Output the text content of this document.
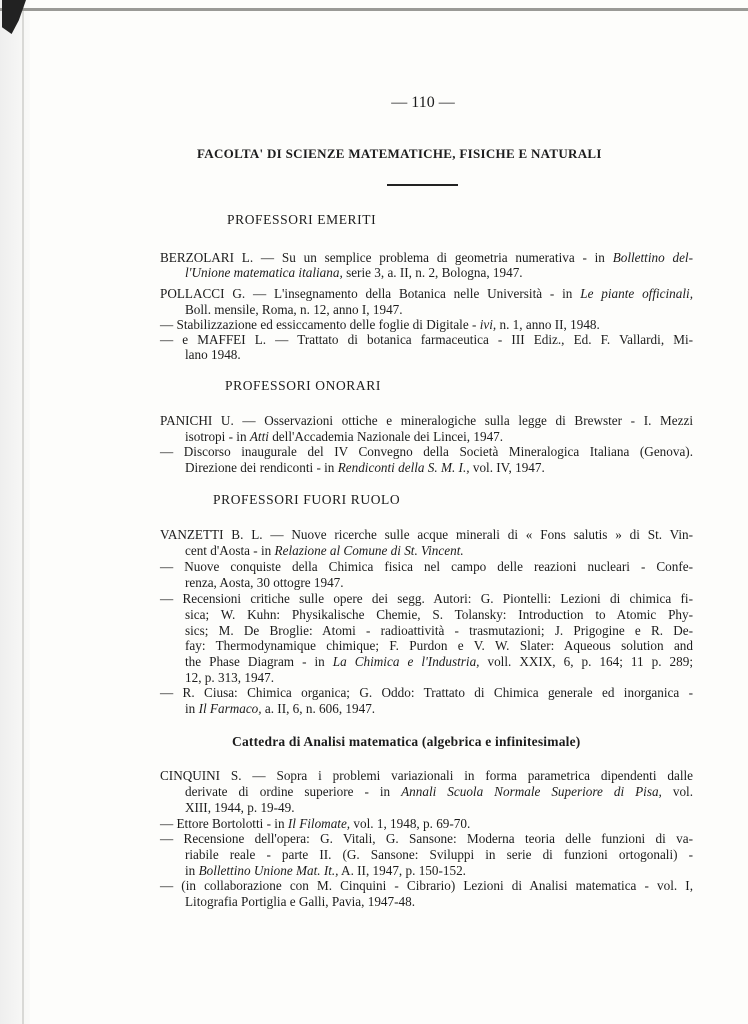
— 110 —
FACOLTA' DI SCIENZE MATEMATICHE, FISICHE E NATURALI
PROFESSORI EMERITI
BERZOLARI L. — Su un semplice problema di geometria numerativa - in Bollettino del-
l'Unione matematica italiana, serie 3, a. II, n. 2, Bologna, 1947.
POLLACCI G. — L'insegnamento della Botanica nelle Università - in Le piante officinali,
Boll. mensile, Roma, n. 12, anno I, 1947.
— Stabilizzazione ed essiccamento delle foglie di Digitale - ivi, n. 1, anno II, 1948.
— e MAFFEI L. — Trattato di botanica farmaceutica - III Ediz., Ed. F. Vallardi, Mi-
lano 1948.
PROFESSORI ONORARI
PANICHI U. — Osservazioni ottiche e mineralogiche sulla legge di Brewster - I. Mezzi
isotropi - in Atti dell'Accademia Nazionale dei Lincei, 1947.
— Discorso inaugurale del IV Convegno della Società Mineralogica Italiana (Genova).
Direzione dei rendiconti - in Rendiconti della S. M. I., vol. IV, 1947.
PROFESSORI FUORI RUOLO
VANZETTI B. L. — Nuove ricerche sulle acque minerali di « Fons salutis » di St. Vin-
cent d'Aosta - in Relazione al Comune di St. Vincent.
— Nuove conquiste della Chimica fisica nel campo delle reazioni nucleari - Confe-
renza, Aosta, 30 ottogre 1947.
— Recensioni critiche sulle opere dei segg. Autori: G. Piontelli: Lezioni di chimica fi-
sica; W. Kuhn: Physikalische Chemie, S. Tolansky: Introduction to Atomic Phy-
sics; M. De Broglie: Atomi - radioattività - trasmutazioni; J. Prigogine e R. De-
fay: Thermodynamique chimique; F. Purdon e V. W. Slater: Aqueous solution and
the Phase Diagram - in La Chimica e l'Industria, voll. XXIX, 6, p. 164; 11 p. 289;
12, p. 313, 1947.
— R. Ciusa: Chimica organica; G. Oddo: Trattato di Chimica generale ed inorganica -
in Il Farmaco, a. II, 6, n. 606, 1947.
Cattedra di Analisi matematica (algebrica e infinitesimale)
CINQUINI S. — Sopra i problemi variazionali in forma parametrica dipendenti dalle
derivate di ordine superiore - in Annali Scuola Normale Superiore di Pisa, vol.
XIII, 1944, p. 19-49.
— Ettore Bortolotti - in Il Filomate, vol. 1, 1948, p. 69-70.
— Recensione dell'opera: G. Vitali, G. Sansone: Moderna teoria delle funzioni di va-
riabile reale - parte II. (G. Sansone: Sviluppi in serie di funzioni ortogonali) -
in Bollettino Unione Mat. It., A. II, 1947, p. 150-152.
— (in collaborazione con M. Cinquini - Cibrario) Lezioni di Analisi matematica - vol. I,
Litografia Portiglia e Galli, Pavia, 1947-48.
